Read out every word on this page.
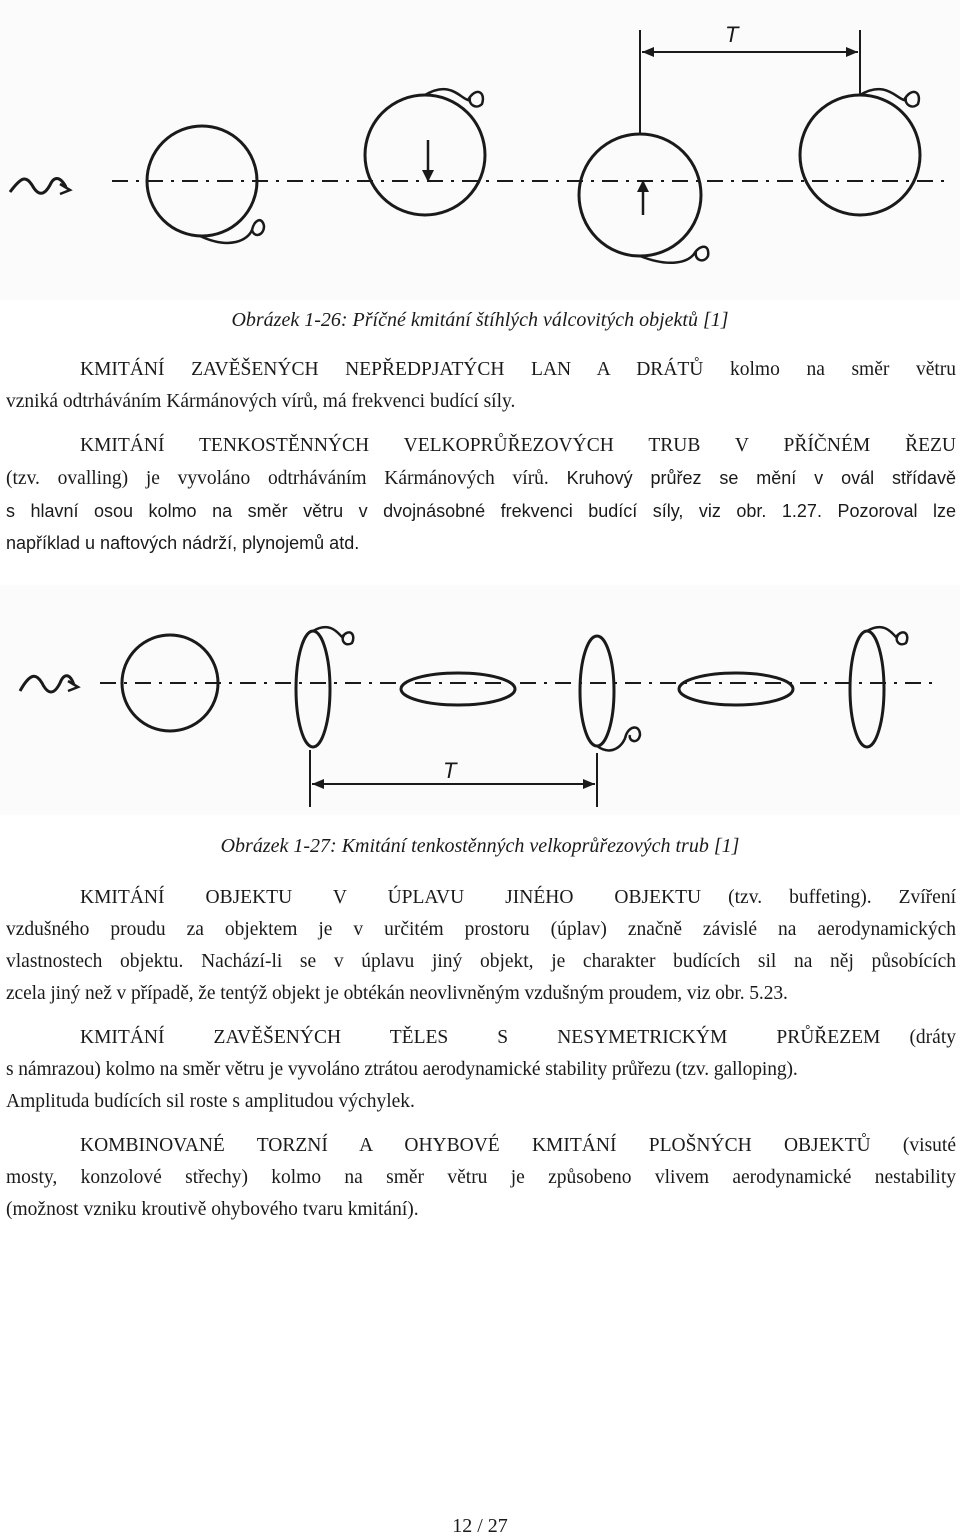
T
Obrázek 1-26: Příčné kmitání štíhlých válcovitých objektů [1]
KMITÁNÍ ZAVĚŠENÝCH NEPŘEDPJATÝCH LAN A DRÁTŮ kolmo na směr větru
vzniká odtrháváním Kármánových vírů, má frekvenci budící síly.
KMITÁNÍ TENKOSTĚNNÝCH VELKOPRŮŘEZOVÝCH TRUB V PŘÍČNÉM ŘEZU
(tzv. ovalling) je vyvoláno odtrháváním Kármánových vírů. Kruhový průřez se mění v ovál střídavě
s hlavní osou kolmo na směr větru v dvojnásobné frekvenci budící síly, viz obr. 1.27. Pozoroval lze
například u naftových nádrží, plynojemů atd.
T
Obrázek 1-27: Kmitání tenkostěnných velkoprůřezových trub [1]
KMITÁNÍ OBJEKTU V ÚPLAVU JINÉHO OBJEKTU (tzv. buffeting). Zvíření
vzdušného proudu za objektem je v určitém prostoru (úplav) značně závislé na aerodynamických
vlastnostech objektu. Nachází-li se v úplavu jiný objekt, je charakter budících sil na něj působících
zcela jiný než v případě, že tentýž objekt je obtékán neovlivněným vzdušným proudem, viz obr. 5.23.
KMITÁNÍ ZAVĚŠENÝCH TĚLES S NESYMETRICKÝM PRŮŘEZEM (dráty
s námrazou) kolmo na směr větru je vyvoláno ztrátou aerodynamické stability průřezu (tzv. galloping).
Amplituda budících sil roste s amplitudou výchylek.
KOMBINOVANÉ TORZNÍ A OHYBOVÉ KMITÁNÍ PLOŠNÝCH OBJEKTŮ (visuté
mosty, konzolové střechy) kolmo na směr větru je způsobeno vlivem aerodynamické nestability
(možnost vzniku kroutivě ohybového tvaru kmitání).
12 / 27
